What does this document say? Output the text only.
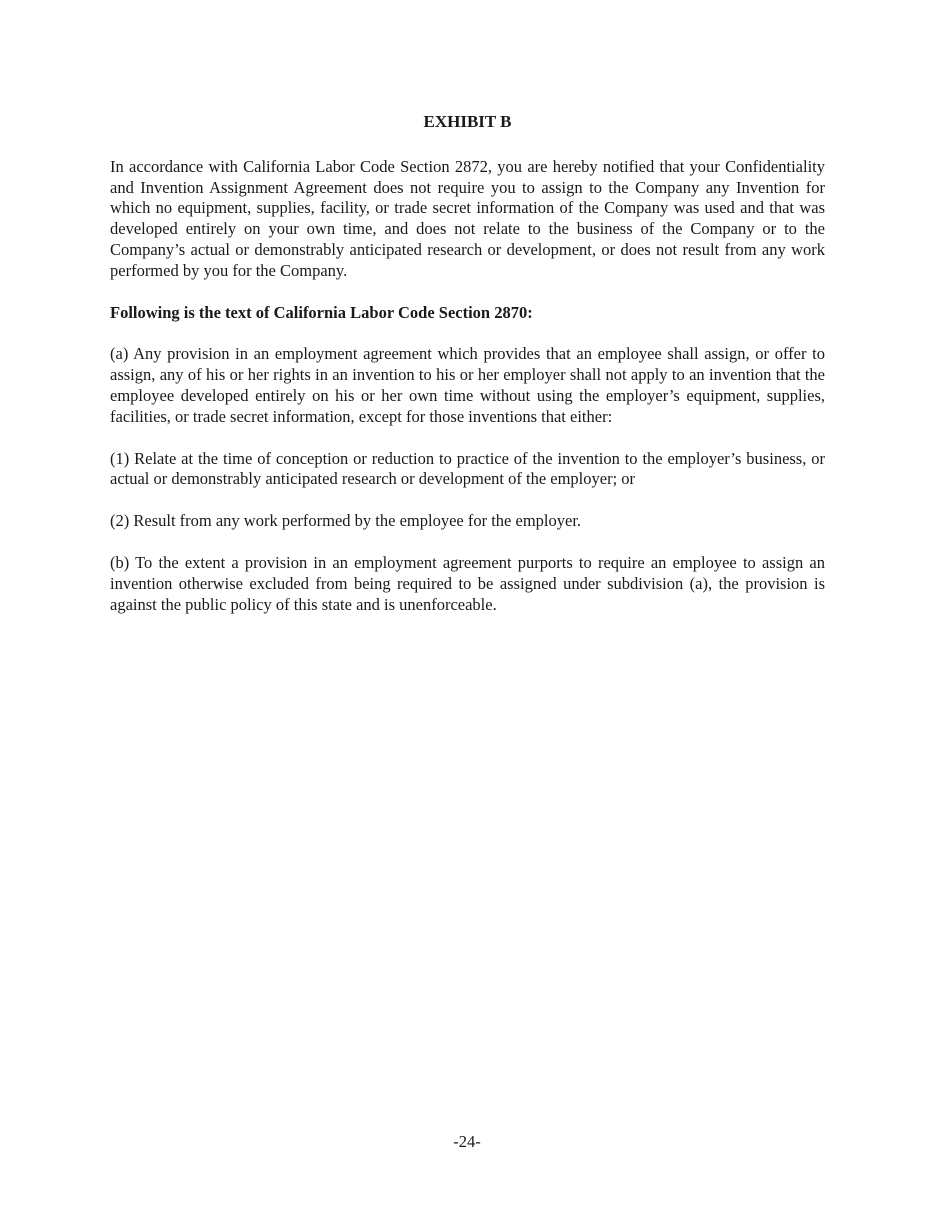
EXHIBIT B

In accordance with California Labor Code Section 2872, you are hereby notified that your Confidentiality and Invention Assignment Agreement does not require you to assign to the Company any Invention for which no equipment, supplies, facility, or trade secret information of the Company was used and that was developed entirely on your own time, and does not relate to the business of the Company or to the Company’s actual or demonstrably anticipated research or development, or does not result from any work performed by you for the Company.

Following is the text of California Labor Code Section 2870:

(a) Any provision in an employment agreement which provides that an employee shall assign, or offer to assign, any of his or her rights in an invention to his or her employer shall not apply to an invention that the employee developed entirely on his or her own time without using the employer’s equipment, supplies, facilities, or trade secret information, except for those inventions that either:

(1) Relate at the time of conception or reduction to practice of the invention to the employer’s business, or actual or demonstrably anticipated research or development of the employer; or

(2) Result from any work performed by the employee for the employer.

(b) To the extent a provision in an employment agreement purports to require an employee to assign an invention otherwise excluded from being required to be assigned under subdivision (a), the provision is against the public policy of this state and is unenforceable.

-24-
